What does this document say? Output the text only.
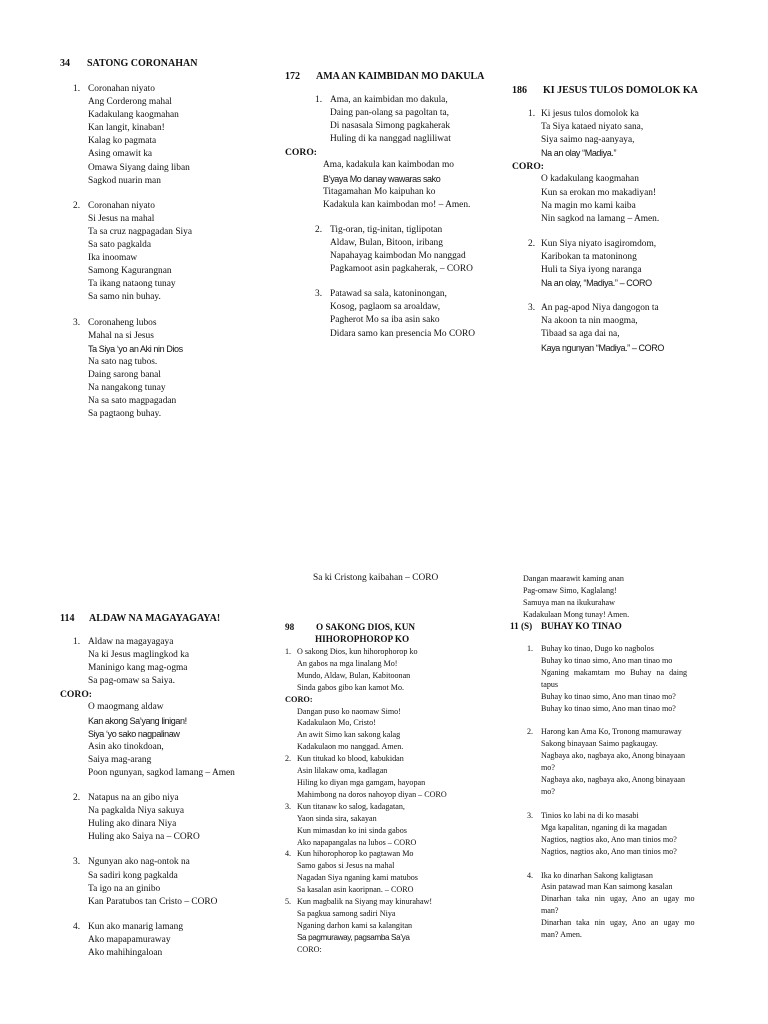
34 SATONG CORONAHAN
1. Coronahan niyato
Ang Corderong mahal
Kadakulang kaogmahan
Kan langit, kinaban!
Kalag ko pagmata
Asing omawit ka
Omawa Siyang daing liban
Sagkod nuarin man
2. Coronahan niyato
Si Jesus na mahal
Ta sa cruz nagpagadan Siya
Sa sato pagkalda
Ika inoomaw
Samong Kagurangnan
Ta ikang nataong tunay
Sa samo nin buhay.
3. Coronaheng lubos
Mahal na si Jesus
Ta Siya ‘yo an Aki nin Dios
Na sato nag tubos.
Daing sarong banal
Na nangakong tunay
Na sa sato magpagadan
Sa pagtaong buhay.
172 AMA AN KAIMBIDAN MO DAKULA
1. Ama, an kaimbidan mo dakula,
Daing pan-olang sa pagoltan ta,
Di nasasala Simong pagkaherak
Huling di ka nanggad nagliliwat
CORO:
Ama, kadakula kan kaimbodan mo
B’yaya Mo danay wawaras sako
Titagamahan Mo kaipuhan ko
Kadakula kan kaimbodan mo! – Amen.
2. Tig-oran, tig-initan, tiglipotan
Aldaw, Bulan, Bitoon, iribang
Napahayag kaimbodan Mo nanggad
Pagkamoot asin pagkaherak, – CORO
3. Patawad sa sala, katoninongan,
Kosog, paglaom sa aroaldaw,
Pagherot Mo sa iba asin sako
Didara samo kan presencia Mo CORO
186 KI JESUS TULOS DOMOLOK KA
1. Ki jesus tulos domolok ka
Ta Siya kataed niyato sana,
Siya saimo nag-aanyaya,
Na an olay “Madiya.”
CORO:
O kadakulang kaogmahan
Kun sa erokan mo makadiyan!
Na magin mo kami kaiba
Nin sagkod na lamang – Amen.
2. Kun Siya niyato isagiromdom,
Karibokan ta matoninong
Huli ta Siya iyong naranga
Na an olay, “Madiya.” – CORO
3. An pag-apod Niya dangogon ta
Na akoon ta nin maogma,
Tibaad sa aga dai na,
Kaya ngunyan “Madiya.” – CORO
Sa ki Cristong kaibahan – CORO	Dangan maarawit kaming anan
Pag-omaw Simo, Kaglalang!
Samuya man na ikukurahaw
Kadakulaan Mong tunay! Amen.
114 ALDAW NA MAGAYAGAYA!
1. Aldaw na magayagaya
Na ki Jesus maglingkod ka
Maninigo kang mag-ogma
Sa pag-omaw sa Saiya.
CORO:
O maogmang aldaw
Kan akong Sa’yang linigan!
Siya ‘yo sako nagpalinaw
Asin ako tinokdoan,
Saiya mag-arang
Poon ngunyan, sagkod lamang – Amen
2. Natapus na an gibo niya
Na pagkalda Niya sakuya
Huling ako dinara Niya
Huling ako Saiya na – CORO
3. Ngunyan ako nag-ontok na
Sa sadiri kong pagkalda
Ta igo na an ginibo
Kan Paratubos tan Cristo – CORO
4. Kun ako manarig lamang
Ako mapapamuraway
Ako mahihingaloan
98 O SAKONG DIOS, KUN
HIHOROPHOROP KO
1. O sakong Dios, kun hihorophorop ko
An gabos na mga linalang Mo!
Mundo, Aldaw, Bulan, Kabitoonan
Sinda gabos gibo kan kamot Mo.
CORO:
Dangan puso ko naomaw Simo!
Kadakulaon Mo, Cristo!
An awit Simo kan sakong kalag
Kadakulaon mo nanggad. Amen.
2. Kun titukad ko blood, kabukidan
Asin lilakaw oma, kadlagan
Hiling ko diyan mga gamgam, hayopan
Mahimbong na doros nahoyop diyan – CORO
3. Kun titanaw ko salog, kadagatan,
Yaon sinda sira, sakayan
Kun mimasdan ko ini sinda gabos
Ako napapangalas na lubos – CORO
4. Kun hihorophorop ko pagtawan Mo
Samo gabos si Jesus na mahal
Nagadan Siya nganing kami matubos
Sa kasalan asin kaoripnan. – CORO
5. Kun magbalik na Siyang may kinurahaw!
Sa pagkua samong sadiri Niya
Nganing darhon kami sa kalangitan
Sa pagmuraway, pagsamba Sa’ya
CORO:
11 (S) BUHAY KO TINAO
1. Buhay ko tinao, Dugo ko nagbolos
Buhay ko tinao simo, Ano man tinao mo
Nganing makamtam mo Buhay na daing
tapus
Buhay ko tinao simo, Ano man tinao mo?
Buhay ko tinao simo, Ano man tinao mo?
2. Harong kan Ama Ko, Tronong mamuraway
Sakong binayaan Saimo pagkaugay.
Nagbaya ako, nagbaya ako, Anong binayaan
mo?
Nagbaya ako, nagbaya ako, Anong binayaan
mo?
3. Tinios ko labi na di ko masabi
Mga kapalitan, nganing di ka magadan
Nagtios, nagtios ako, Ano man tinios mo?
Nagtios, nagtios ako, Ano man tinios mo?
4. Ika ko dinarhan Sakong kaligtasan
Asin patawad man Kan saimong kasalan
Dinarhan taka nin ugay, Ano an ugay mo
man?
Dinarhan taka nin ugay, Ano an ugay mo
man? Amen.
